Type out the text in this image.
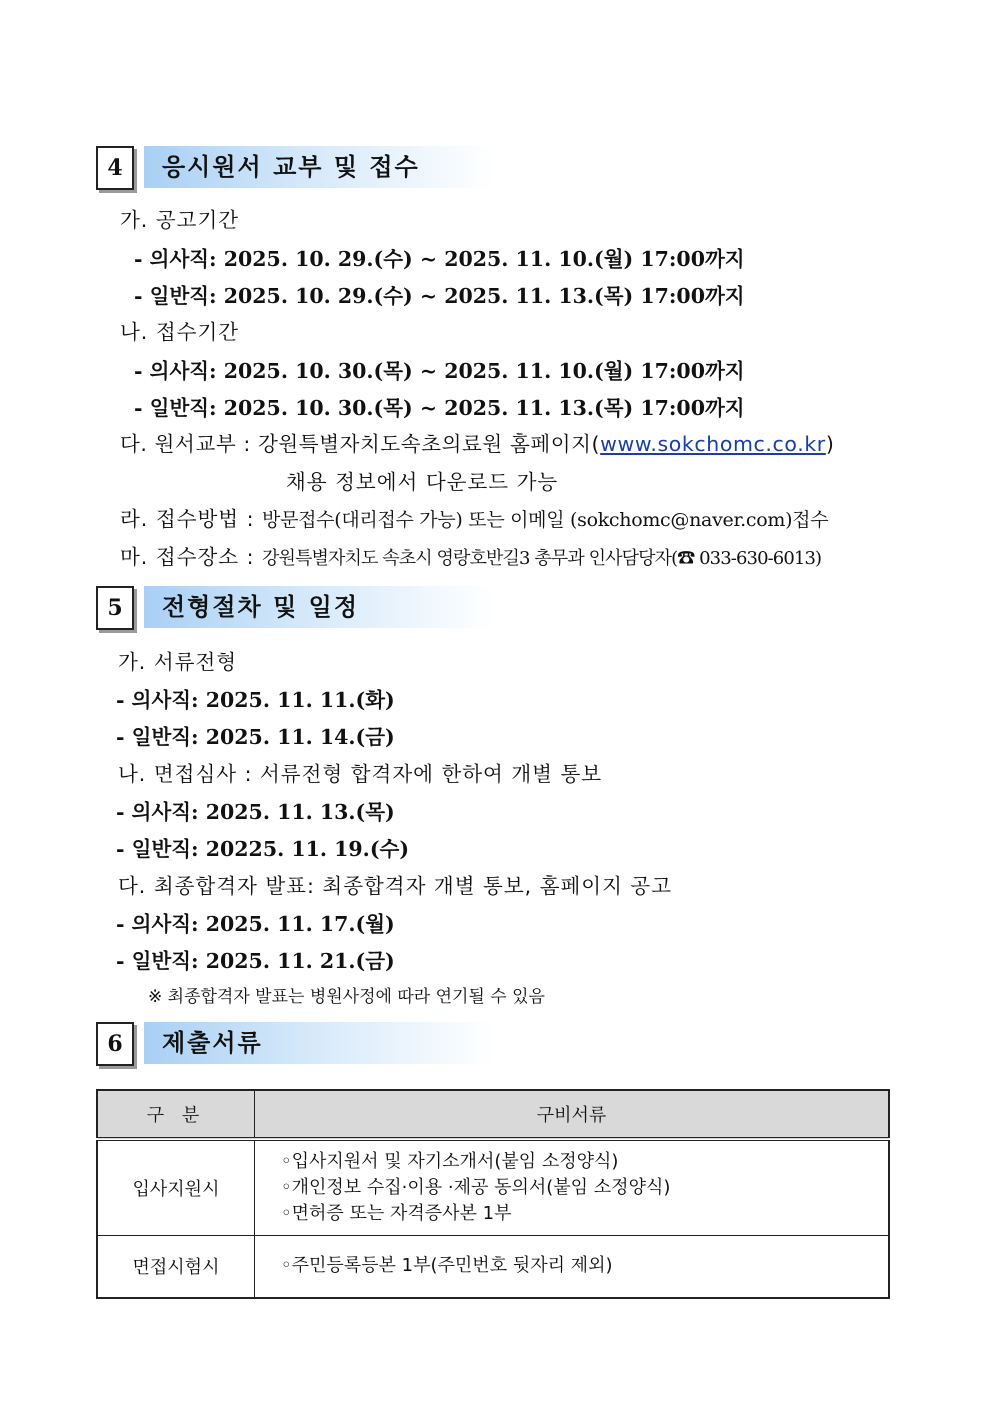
4	응시원서 교부 및 접수
가. 공고기간
- 의사직: 2025. 10. 29.(수) ~ 2025. 11. 10.(월) 17:00까지
- 일반직: 2025. 10. 29.(수) ~ 2025. 11. 13.(목) 17:00까지
나. 접수기간
- 의사직: 2025. 10. 30.(목) ~ 2025. 11. 10.(월) 17:00까지
- 일반직: 2025. 10. 30.(목) ~ 2025. 11. 13.(목) 17:00까지
다. 원서교부 : 강원특별자치도속초의료원 홈페이지(www.sokchomc.co.kr)
채용 정보에서 다운로드 가능
라. 접수방법 : 방문접수(대리접수 가능) 또는 이메일 (sokchomc@naver.com)접수
마. 접수장소 : 강원특별자치도 속초시 영랑호반길3 총무과 인사담당자(☎ 033-630-6013)
5	전형절차 및 일정
가. 서류전형
- 의사직: 2025. 11. 11.(화)
- 일반직: 2025. 11. 14.(금)
나. 면접심사 : 서류전형 합격자에 한하여 개별 통보
- 의사직: 2025. 11. 13.(목)
- 일반직: 20225. 11. 19.(수)
다. 최종합격자 발표: 최종합격자 개별 통보, 홈페이지 공고
- 의사직: 2025. 11. 17.(월)
- 일반직: 2025. 11. 21.(금)
※ 최종합격자 발표는 병원사정에 따라 연기될 수 있음
6	제출서류
구 분	구비서류
입사지원시	◦입사지원서 및 자기소개서(붙임 소정양식)
◦개인정보 수집·이용 ·제공 동의서(붙임 소정양식)
◦면허증 또는 자격증사본 1부

면접시험시	◦주민등록등본 1부(주민번호 뒷자리 제외)
